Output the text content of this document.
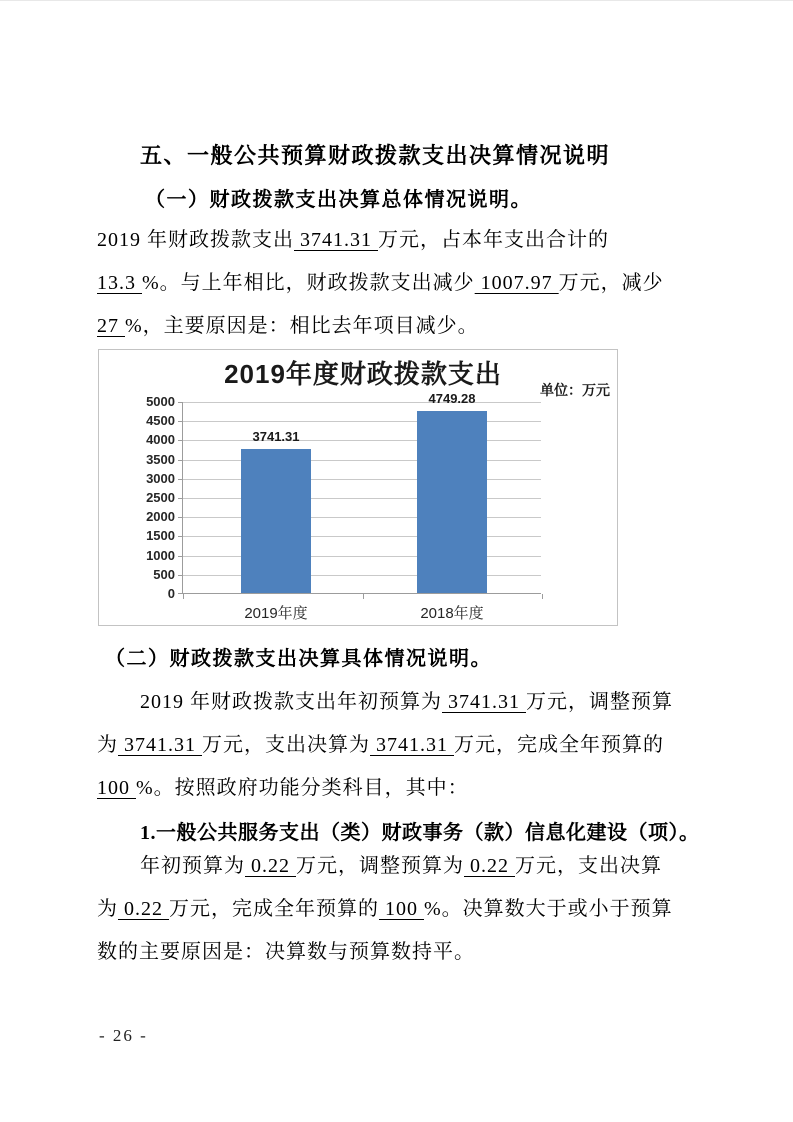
五、一般公共预算财政拨款支出决算情况说明
（一）财政拨款支出决算总体情况说明。
2019 年财政拨款支出 3741.31 万元，占本年支出合计的
13.3 %。与上年相比，财政拨款支出减少 1007.97 万元，减少
27 %，主要原因是：相比去年项目减少。
2019年度财政拨款支出
单位：万元
0
500
1000
1500
2000
2500
3000
3500
4000
4500
5000
3741.31
2019年度
4749.28
2018年度
（二）财政拨款支出决算具体情况说明。
2019 年财政拨款支出年初预算为 3741.31 万元，调整预算
为 3741.31 万元，支出决算为 3741.31 万元，完成全年预算的
100 %。按照政府功能分类科目，其中：
1.一般公共服务支出（类）财政事务（款）信息化建设（项）。
年初预算为 0.22 万元，调整预算为 0.22 万元，支出决算
为 0.22 万元，完成全年预算的 100 %。决算数大于或小于预算
数的主要原因是：决算数与预算数持平。
- 26 -
